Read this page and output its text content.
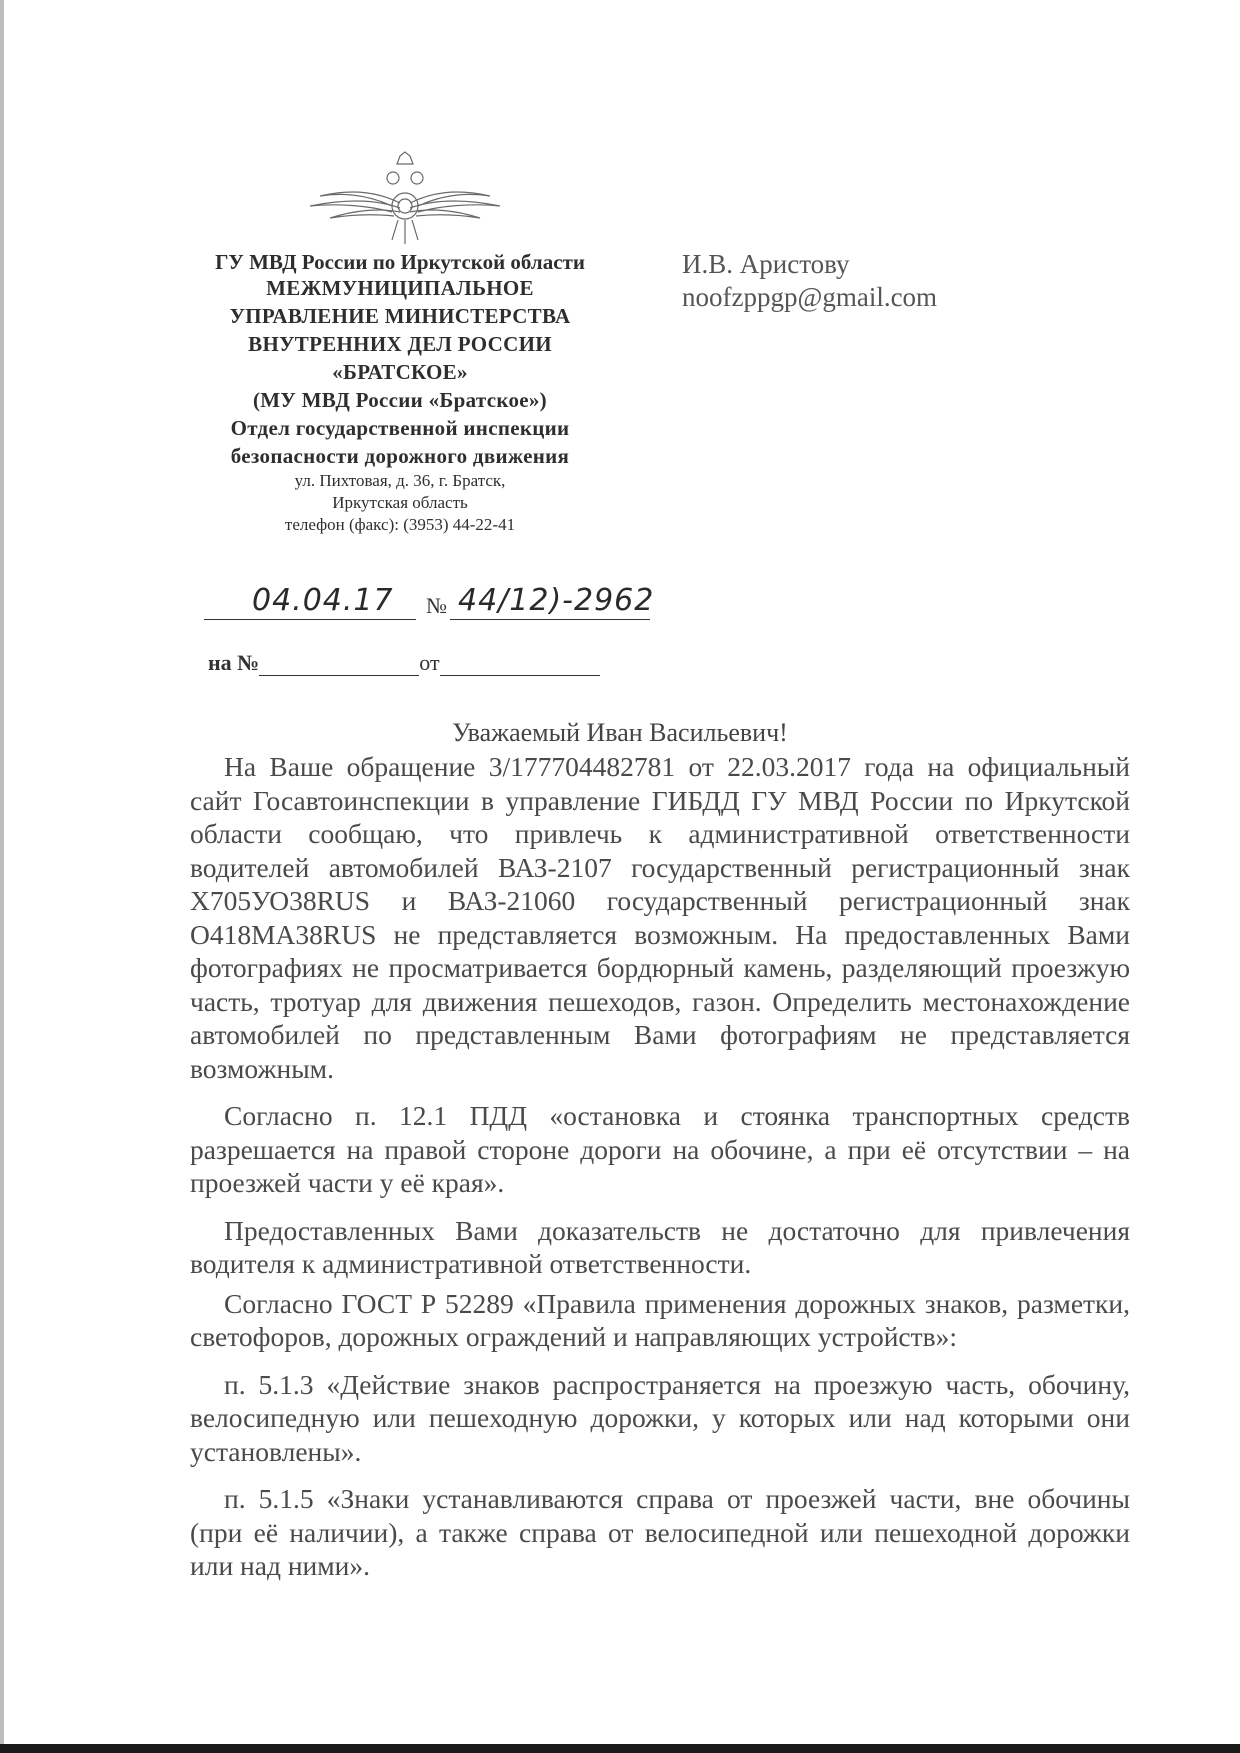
ГУ МВД России по Иркутской области
МЕЖМУНИЦИПАЛЬНОЕ
УПРАВЛЕНИЕ МИНИСТЕРСТВА
ВНУТРЕННИХ ДЕЛ РОССИИ
«БРАТСКОЕ»
(МУ МВД России «Братское»)
Отдел государственной инспекции
безопасности дорожного движения
ул. Пихтовая, д. 36, г. Братск,
Иркутская область
телефон (факс): (3953) 44-22-41
И.В. Аристову
noofzppgp@gmail.com
04.04.17 № 44/12)-2962
на №	от
Уважаемый Иван Васильевич!

На Ваше обращение 3/177704482781 от 22.03.2017 года на официальный сайт Госавтоинспекции в управление ГИБДД ГУ МВД России по Иркутской области сообщаю, что привлечь к административной ответственности водителей автомобилей ВАЗ-2107 государственный регистрационный знак Х705УО38RUS и ВАЗ-21060 государственный регистрационный знак О418МА38RUS не представляется возможным. На предоставленных Вами фотографиях не просматривается бордюрный камень, разделяющий проезжую часть, тротуар для движения пешеходов, газон. Определить местонахождение автомобилей по представленным Вами фотографиям не представляется возможным.

Согласно п. 12.1 ПДД «остановка и стоянка транспортных средств разрешается на правой стороне дороги на обочине, а при её отсутствии – на проезжей части у её края».

Предоставленных Вами доказательств не достаточно для привлечения водителя к административной ответственности.

Согласно ГОСТ Р 52289 «Правила применения дорожных знаков, разметки, светофоров, дорожных ограждений и направляющих устройств»:

п. 5.1.3 «Действие знаков распространяется на проезжую часть, обочину, велосипедную или пешеходную дорожки, у которых или над которыми они установлены».

п. 5.1.5 «Знаки устанавливаются справа от проезжей части, вне обочины (при её наличии), а также справа от велосипедной или пешеходной дорожки или над ними».
